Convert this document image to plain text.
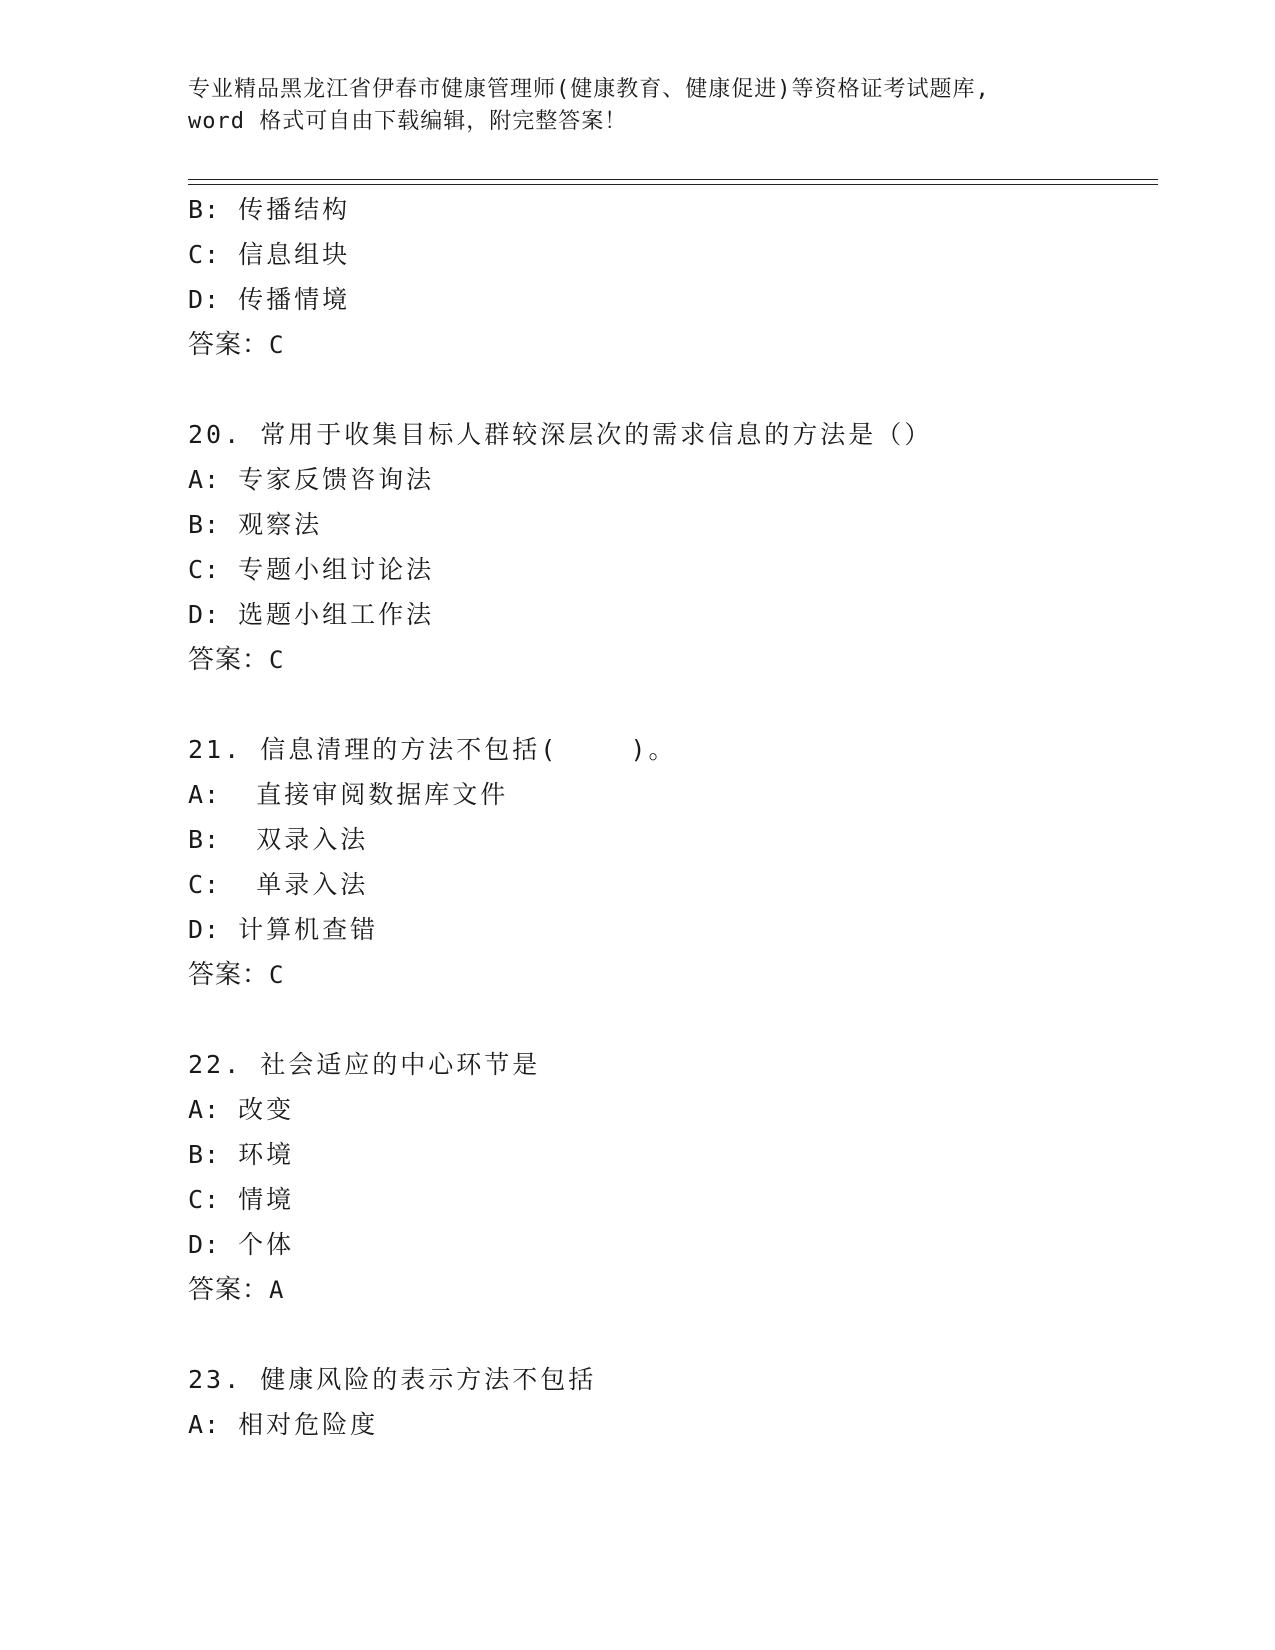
专业精品黑龙江省伊春市健康管理师(健康教育、健康促进)等资格证考试题库,
word 格式可自由下载编辑，附完整答案！
B: 传播结构
C: 信息组块
D: 传播情境
答案：C
20. 常用于收集目标人群较深层次的需求信息的方法是（）
A: 专家反馈咨询法
B: 观察法
C: 专题小组讨论法
D: 选题小组工作法
答案：C
21. 信息清理的方法不包括(    )。
A:  直接审阅数据库文件
B:  双录入法
C:  单录入法
D: 计算机查错
答案：C
22. 社会适应的中心环节是
A: 改变
B: 环境
C: 情境
D: 个体
答案：A
23. 健康风险的表示方法不包括
A: 相对危险度
